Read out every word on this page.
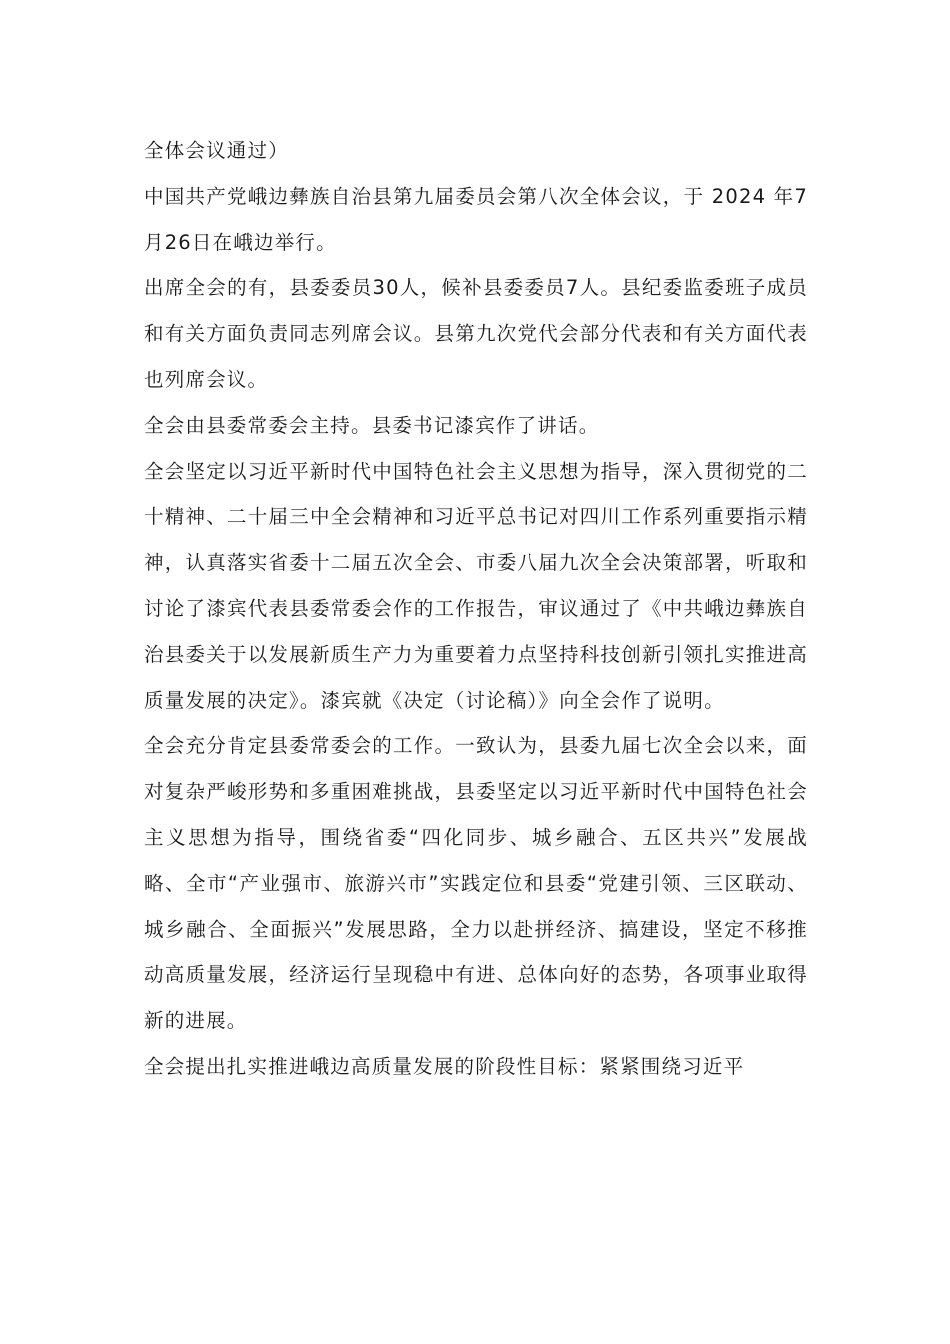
全体会议通过）

中国共产党峨边彝族自治县第九届委员会第八次全体会议，于 2024 年7月26日在峨边举行。

出席全会的有，县委委员30人，候补县委委员7人。县纪委监委班子成员和有关方面负责同志列席会议。县第九次党代会部分代表和有关方面代表也列席会议。

全会由县委常委会主持。县委书记漆宾作了讲话。

全会坚定以习近平新时代中国特色社会主义思想为指导，深入贯彻党的二十精神、二十届三中全会精神和习近平总书记对四川工作系列重要指示精神，认真落实省委十二届五次全会、市委八届九次全会决策部署，听取和讨论了漆宾代表县委常委会作的工作报告，审议通过了《中共峨边彝族自治县委关于以发展新质生产力为重要着力点坚持科技创新引领扎实推进高质量发展的决定》。漆宾就《决定（讨论稿）》向全会作了说明。

全会充分肯定县委常委会的工作。一致认为，县委九届七次全会以来，面对复杂严峻形势和多重困难挑战，县委坚定以习近平新时代中国特色社会主义思想为指导，围绕省委“四化同步、城乡融合、五区共兴”发展战略、全市“产业强市、旅游兴市”实践定位和县委“党建引领、三区联动、城乡融合、全面振兴”发展思路，全力以赴拼经济、搞建设，坚定不移推动高质量发展，经济运行呈现稳中有进、总体向好的态势，各项事业取得新的进展。

全会提出扎实推进峨边高质量发展的阶段性目标：紧紧围绕习近平
